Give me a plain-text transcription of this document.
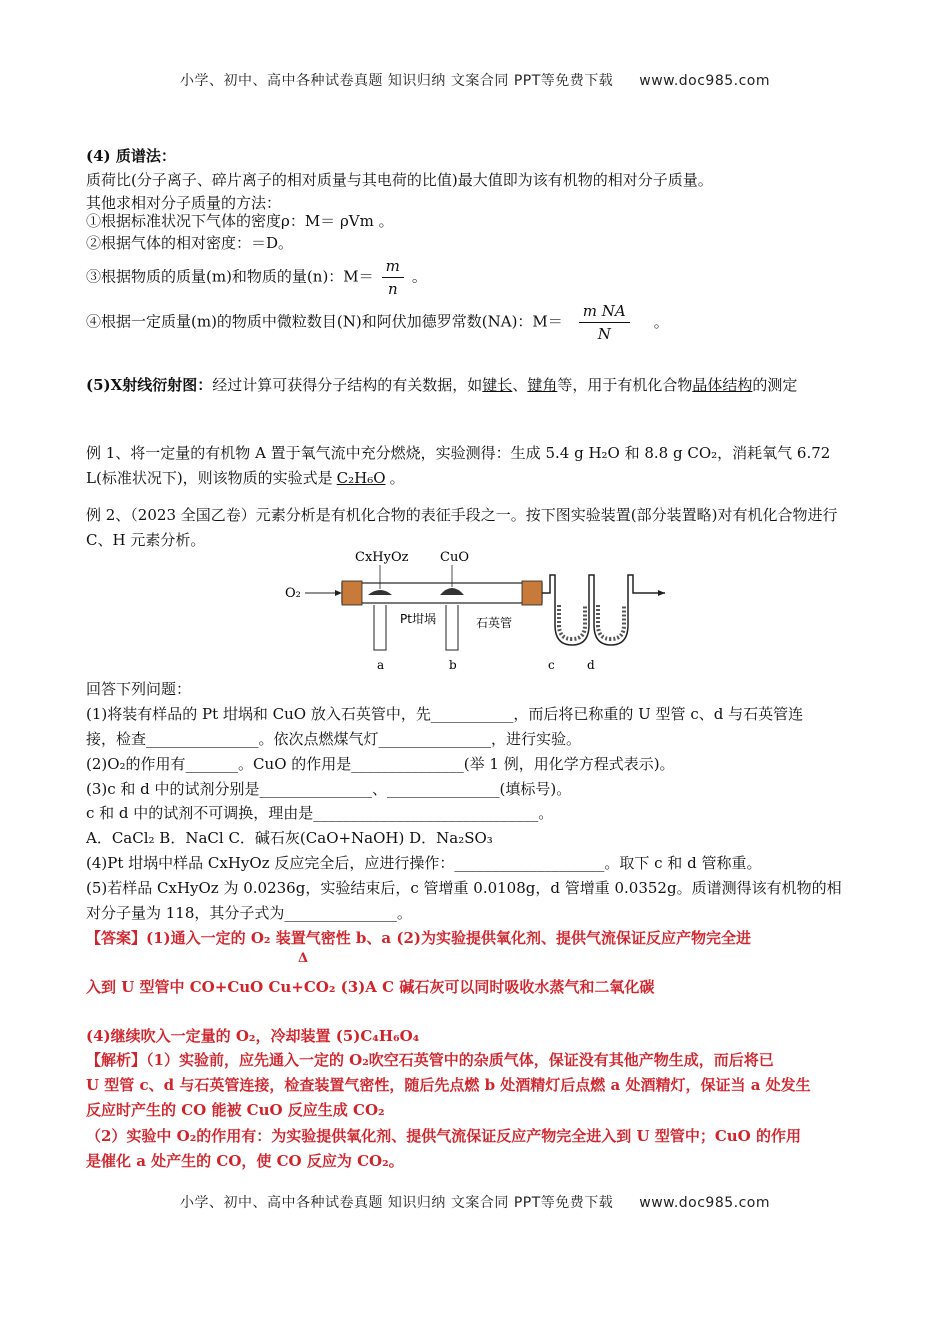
小学、初中、高中各种试卷真题 知识归纳 文案合同 PPT等免费下载 www.doc985.com
(4) 质谱法：
质荷比(分子离子、碎片离子的相对质量与其电荷的比值)最大值即为该有机物的相对分子质量。
其他求相对分子质量的方法：
①根据标准状况下气体的密度ρ：M＝ ρVm 。
②根据气体的相对密度：＝D。
③根据物质的质量(m)和物质的量(n)：$M= \frac{m}{n}$ 。
④根据一定质量(m)的物质中微粒数目(N)和阿伏加德罗常数(NA)：$M= \frac{\text{m NA}}{N}$ 。
(5)X射线衍射图：经过计算可获得分子结构的有关数据，如键长、键角等，用于有机化合物晶体结构的测定
例 1、将一定量的有机物 A 置于氧气流中充分燃烧，实验测得：生成 5.4 g H₂O 和 8.8 g CO₂，消耗氧气 6.72 L(标准状况下)，则该物质的实验式是 C₂H₆O 。
例 2、（2023 全国乙卷）元素分析是有机化合物的表征手段之一。按下图实验装置(部分装置略)对有机化合物进行 C、H 元素分析。
CxHyOz CuO
O₂
Pt坩埚	石英管
a	b	c	d
回答下列问题：
(1)将装有样品的 Pt 坩埚和 CuO 放入石英管中，先___________，而后将已称重的 U 型管 c、d 与石英管连
接，检查_______________。依次点燃煤气灯_______________，进行实验。
(2)O₂的作用有_______。CuO 的作用是_______________(举 1 例，用化学方程式表示)。
(3)c 和 d 中的试剂分别是_______________、_______________(填标号)。
c 和 d 中的试剂不可调换，理由是______________________________。
A．CaCl₂ B．NaCl C．碱石灰(CaO+NaOH) D．Na₂SO₃
(4)Pt 坩埚中样品 CxHyOz 反应完全后，应进行操作：____________________。取下 c 和 d 管称重。
(5)若样品 CxHyOz 为 0.0236g，实验结束后，c 管增重 0.0108g，d 管增重 0.0352g。质谱测得该有机物的相
对分子量为 118，其分子式为_______________。
【答案】(1)通入一定的 O₂ 装置气密性 b、a (2)为实验提供氧化剂、提供气流保证反应产物完全进
Δ
入到 U 型管中 CO+CuO Cu+CO₂ (3)A C 碱石灰可以同时吸收水蒸气和二氧化碳
(4)继续吹入一定量的 O₂，冷却装置 (5)C₄H₆O₄
【解析】（1）实验前，应先通入一定的 O₂吹空石英管中的杂质气体，保证没有其他产物生成，而后将已
U 型管 c、d 与石英管连接，检查装置气密性，随后先点燃 b 处酒精灯后点燃 a 处酒精灯，保证当 a 处发生
反应时产生的 CO 能被 CuO 反应生成 CO₂
（2）实验中 O₂的作用有：为实验提供氧化剂、提供气流保证反应产物完全进入到 U 型管中；CuO 的作用
是催化 a 处产生的 CO，使 CO 反应为 CO₂。
小学、初中、高中各种试卷真题 知识归纳 文案合同 PPT等免费下载 www.doc985.com
